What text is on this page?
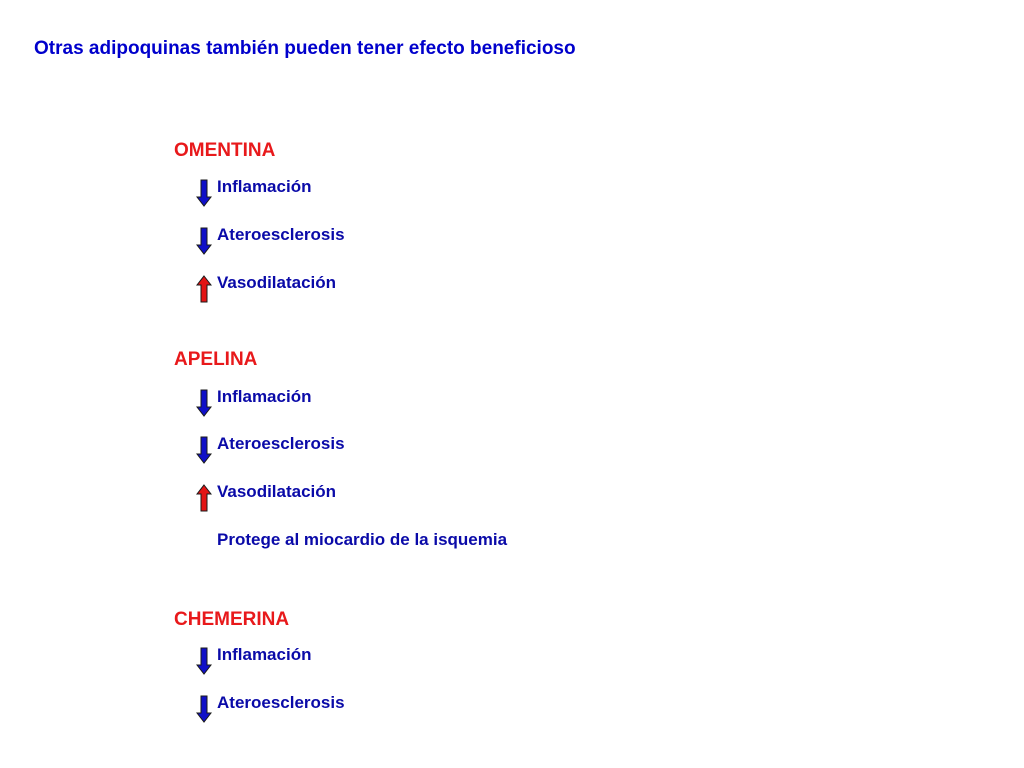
Otras adipoquinas también pueden tener efecto beneficioso
OMENTINA
Inflamación
Ateroesclerosis
Vasodilatación
APELINA
Inflamación
Ateroesclerosis
Vasodilatación
Protege al miocardio de la isquemia
CHEMERINA
Inflamación
Ateroesclerosis
